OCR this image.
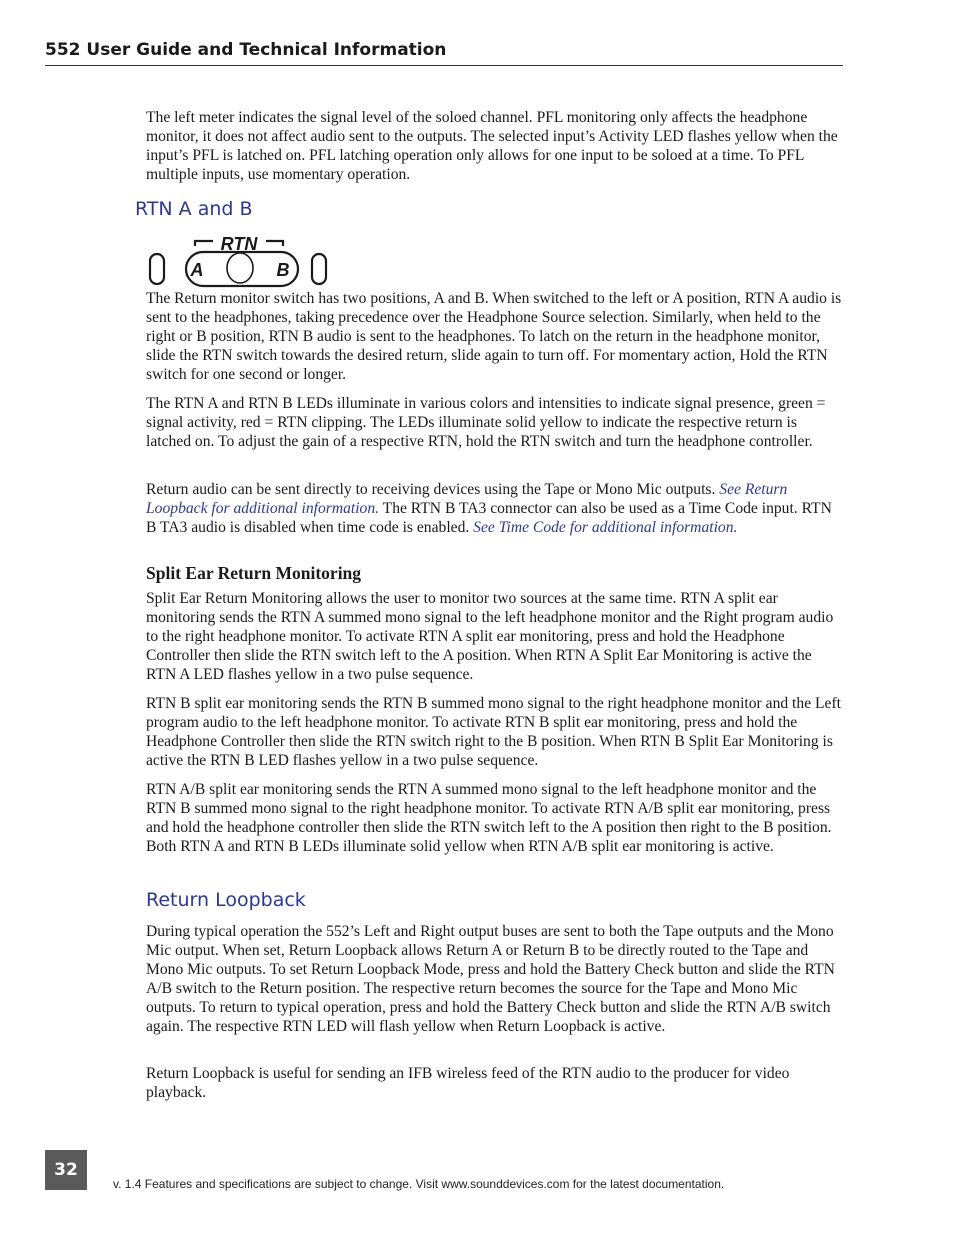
552 User Guide and Technical Information

The left meter indicates the signal level of the soloed channel. PFL monitoring only affects the headphone monitor, it does not affect audio sent to the outputs. The selected input’s Activity LED flashes yellow when the input’s PFL is latched on. PFL latching operation only allows for one input to be soloed at a time. To PFL multiple inputs, use momentary operation.

RTN A and B
RTN
A	B

The Return monitor switch has two positions, A and B. When switched to the left or A position, RTN A audio is sent to the headphones, taking precedence over the Headphone Source selection. Similarly, when held to the right or B position, RTN B audio is sent to the headphones. To latch on the return in the headphone monitor, slide the RTN switch towards the desired return, slide again to turn off. For momentary action, Hold the RTN switch for one second or longer.

The RTN A and RTN B LEDs illuminate in various colors and intensities to indicate signal presence, green = signal activity, red = RTN clipping. The LEDs illuminate solid yellow to indicate the respective return is latched on. To adjust the gain of a respective RTN, hold the RTN switch and turn the headphone controller.

Return audio can be sent directly to receiving devices using the Tape or Mono Mic outputs. See Return Loopback for additional information. The RTN B TA3 connector can also be used as a Time Code input. RTN B TA3 audio is disabled when time code is enabled. See Time Code for additional information.

Split Ear Return Monitoring

Split Ear Return Monitoring allows the user to monitor two sources at the same time. RTN A split ear monitoring sends the RTN A summed mono signal to the left headphone monitor and the Right program audio to the right headphone monitor. To activate RTN A split ear monitoring, press and hold the Headphone Controller then slide the RTN switch left to the A position. When RTN A Split Ear Monitoring is active the RTN A LED flashes yellow in a two pulse sequence.

RTN B split ear monitoring sends the RTN B summed mono signal to the right headphone monitor and the Left program audio to the left headphone monitor. To activate RTN B split ear monitoring, press and hold the Headphone Controller then slide the RTN switch right to the B position. When RTN B Split Ear Monitoring is active the RTN B LED flashes yellow in a two pulse sequence.

RTN A/B split ear monitoring sends the RTN A summed mono signal to the left headphone monitor and the RTN B summed mono signal to the right headphone monitor. To activate RTN A/B split ear monitoring, press and hold the headphone controller then slide the RTN switch left to the A position then right to the B position. Both RTN A and RTN B LEDs illuminate solid yellow when RTN A/B split ear monitoring is active.

Return Loopback

During typical operation the 552’s Left and Right output buses are sent to both the Tape outputs and the Mono Mic output. When set, Return Loopback allows Return A or Return B to be directly routed to the Tape and Mono Mic outputs. To set Return Loopback Mode, press and hold the Battery Check button and slide the RTN A/B switch to the Return position. The respective return becomes the source for the Tape and Mono Mic outputs. To return to typical operation, press and hold the Battery Check button and slide the RTN A/B switch again. The respective RTN LED will flash yellow when Return Loopback is active.

Return Loopback is useful for sending an IFB wireless feed of the RTN audio to the producer for video playback.

32
v. 1.4 Features and specifications are subject to change. Visit www.sounddevices.com for the latest documentation.
